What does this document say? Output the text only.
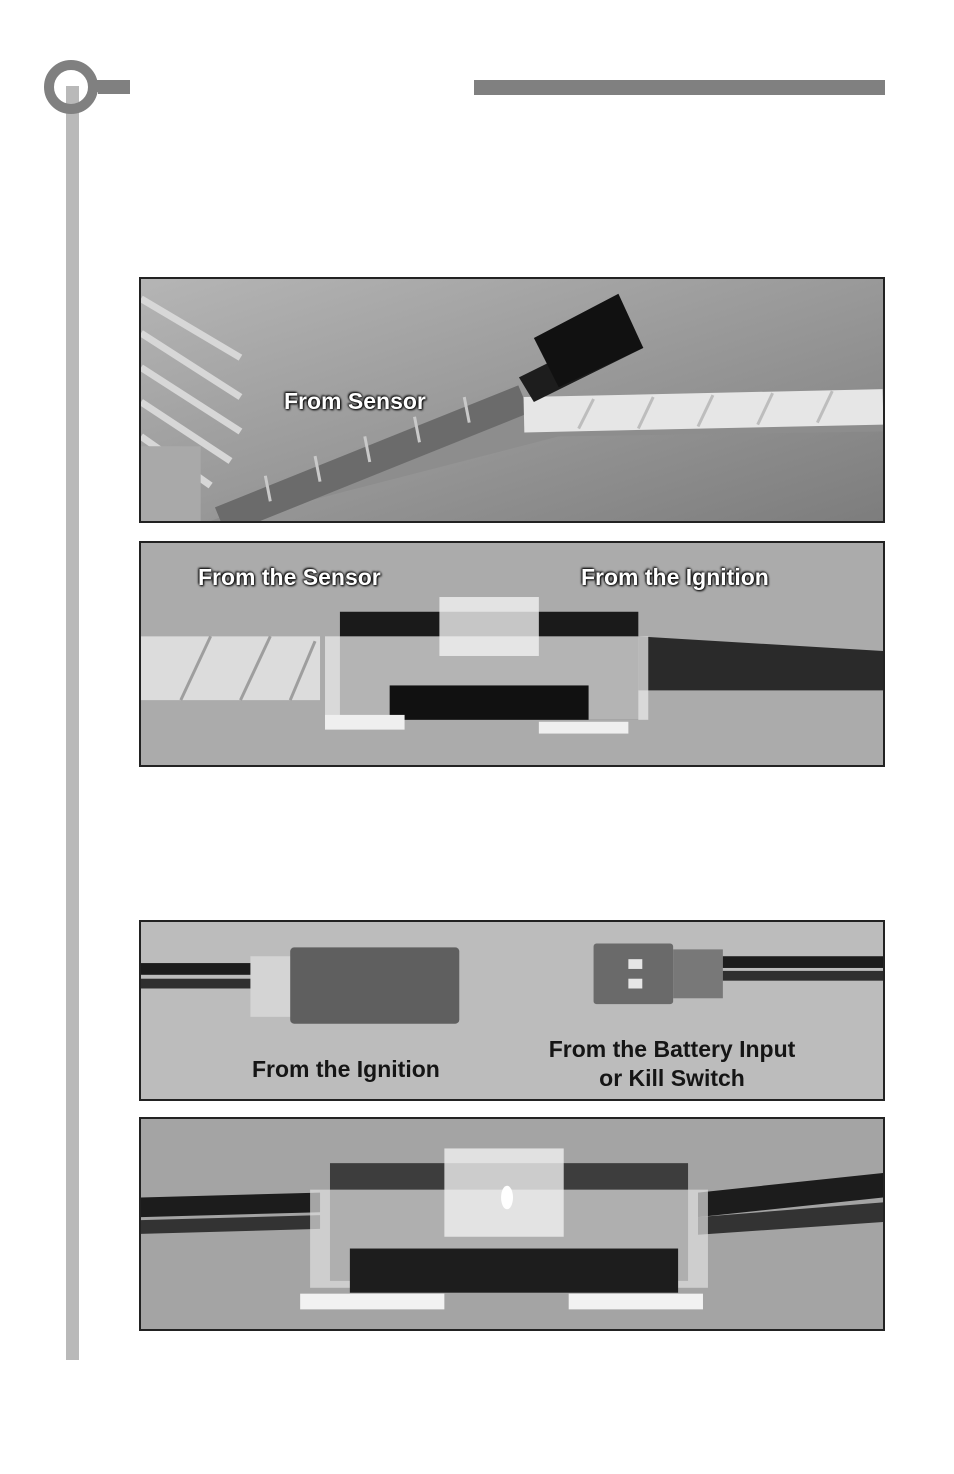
From Sensor
From the Sensor	From the Ignition
From the Ignition
From the Battery Input
or Kill Switch
